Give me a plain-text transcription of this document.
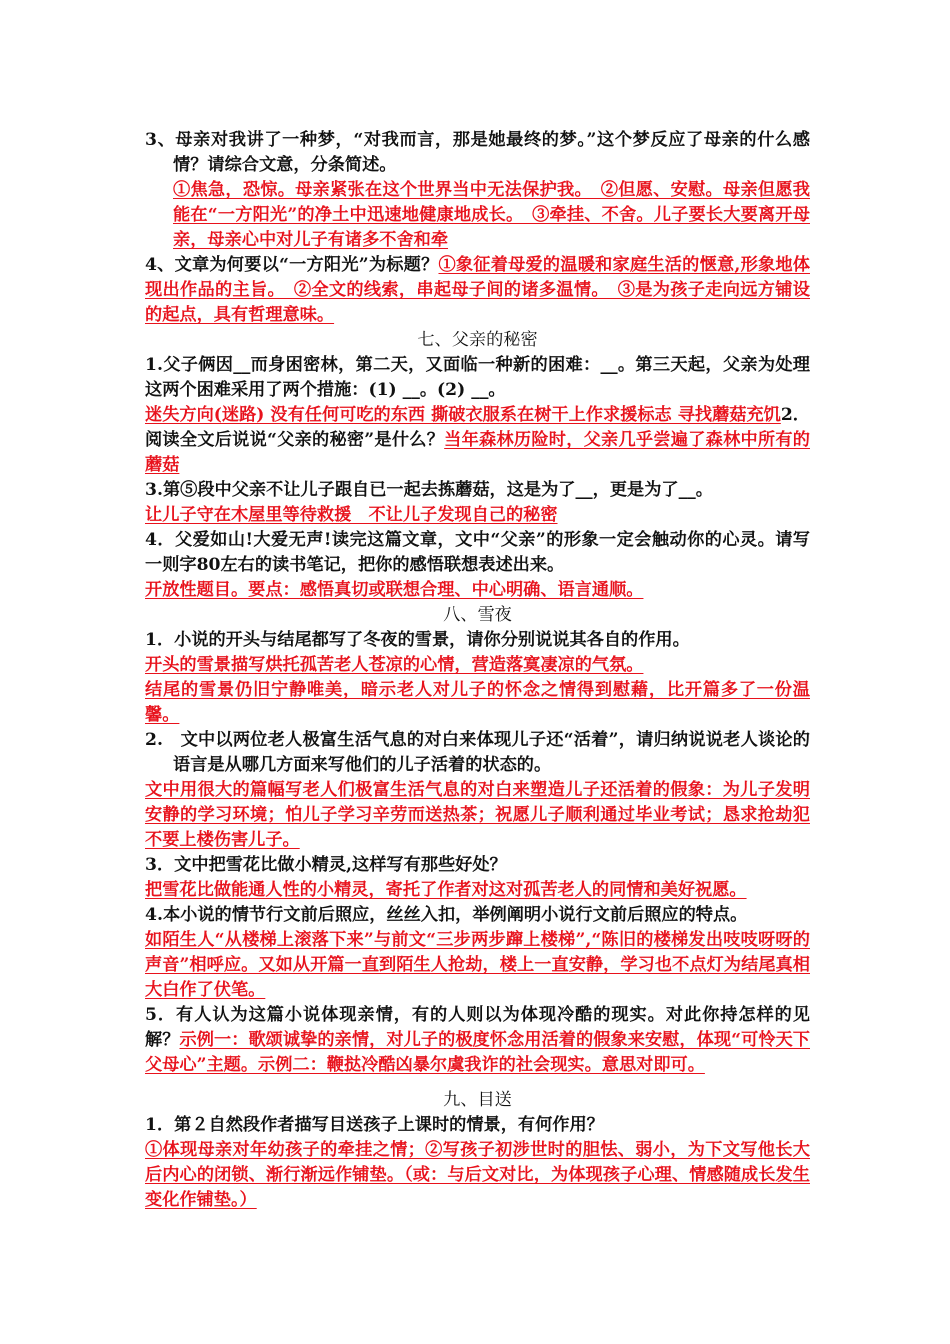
3、母亲对我讲了一种梦，“对我而言，那是她最终的梦。”这个梦反应了母亲的什么感情？请综合文意，分条简述。
①焦急，恐惊。母亲紧张在这个世界当中无法保护我。　②但愿、安慰。母亲但愿我能在“一方阳光”的净土中迅速地健康地成长。　③牵挂、不舍。儿子要长大要离开母亲，母亲心中对儿子有诸多不舍和牵

4、文章为何要以“一方阳光”为标题？①象征着母爱的温暖和家庭生活的惬意,形象地体现出作品的主旨。　②全文的线索，串起母子间的诸多温情。　③是为孩子走向远方铺设的起点，具有哲理意味。

七、父亲的秘密

1.父子俩因__而身困密林，第二天，又面临一种新的困难：__。第三天起，父亲为处理这两个困难采用了两个措施：(1) __。(2) __。
迷失方向(迷路) 没有任何可吃的东西 撕破衣服系在树干上作求援标志 寻找蘑菇充饥2．阅读全文后说说“父亲的秘密”是什么？当年森林历险时，父亲几乎尝遍了森林中所有的蘑菇

3.第⑤段中父亲不让儿子跟自已一起去拣蘑菇，这是为了__，更是为了__。
让儿子守在木屋里等待救援　不让儿子发现自己的秘密

4．父爱如山!大爱无声!读完这篇文章，文中“父亲”的形象一定会触动你的心灵。请写一则字80左右的读书笔记，把你的感悟联想表述出来。
开放性题目。要点：感悟真切或联想合理、中心明确、语言通顺。

八、雪夜

1．小说的开头与结尾都写了冬夜的雪景，请你分别说说其各自的作用。
开头的雪景描写烘托孤苦老人苍凉的心情，营造落寞凄凉的气氛。
结尾的雪景仍旧宁静唯美，暗示老人对儿子的怀念之情得到慰藉，比开篇多了一份温馨。

2.　文中以两位老人极富生活气息的对白来体现儿子还“活着”，请归纳说说老人谈论的语言是从哪几方面来写他们的儿子活着的状态的。

文中用很大的篇幅写老人们极富生活气息的对白来塑造儿子还活着的假象：为儿子发明安静的学习环境；怕儿子学习辛劳而送热茶；祝愿儿子顺利通过毕业考试；恳求抢劫犯不要上楼伤害儿子。

3．文中把雪花比做小精灵,这样写有那些好处？
把雪花比做能通人性的小精灵，寄托了作者对这对孤苦老人的同情和美好祝愿。

4.本小说的情节行文前后照应，丝丝入扣，举例阐明小说行文前后照应的特点。
如陌生人“从楼梯上滚落下来”与前文“三步两步蹿上楼梯”,“陈旧的楼梯发出吱吱呀呀的声音”相呼应。又如从开篇一直到陌生人抢劫，楼上一直安静，学习也不点灯为结尾真相大白作了伏笔。

5．有人认为这篇小说体现亲情，有的人则以为体现冷酷的现实。对此你持怎样的见解？示例一：歌颂诚挚的亲情，对儿子的极度怀念用活着的假象来安慰，体现“可怜天下父母心”主题。示例二：鞭挞冷酷凶暴尔虞我诈的社会现实。意思对即可。

九、目送

1．第２自然段作者描写目送孩子上课时的情景，有何作用？
①体现母亲对年幼孩子的牵挂之情；②写孩子初涉世时的胆怯、弱小，为下文写他长大后内心的闭锁、渐行渐远作铺垫。（或：与后文对比，为体现孩子心理、情感随成长发生变化作铺垫。）
